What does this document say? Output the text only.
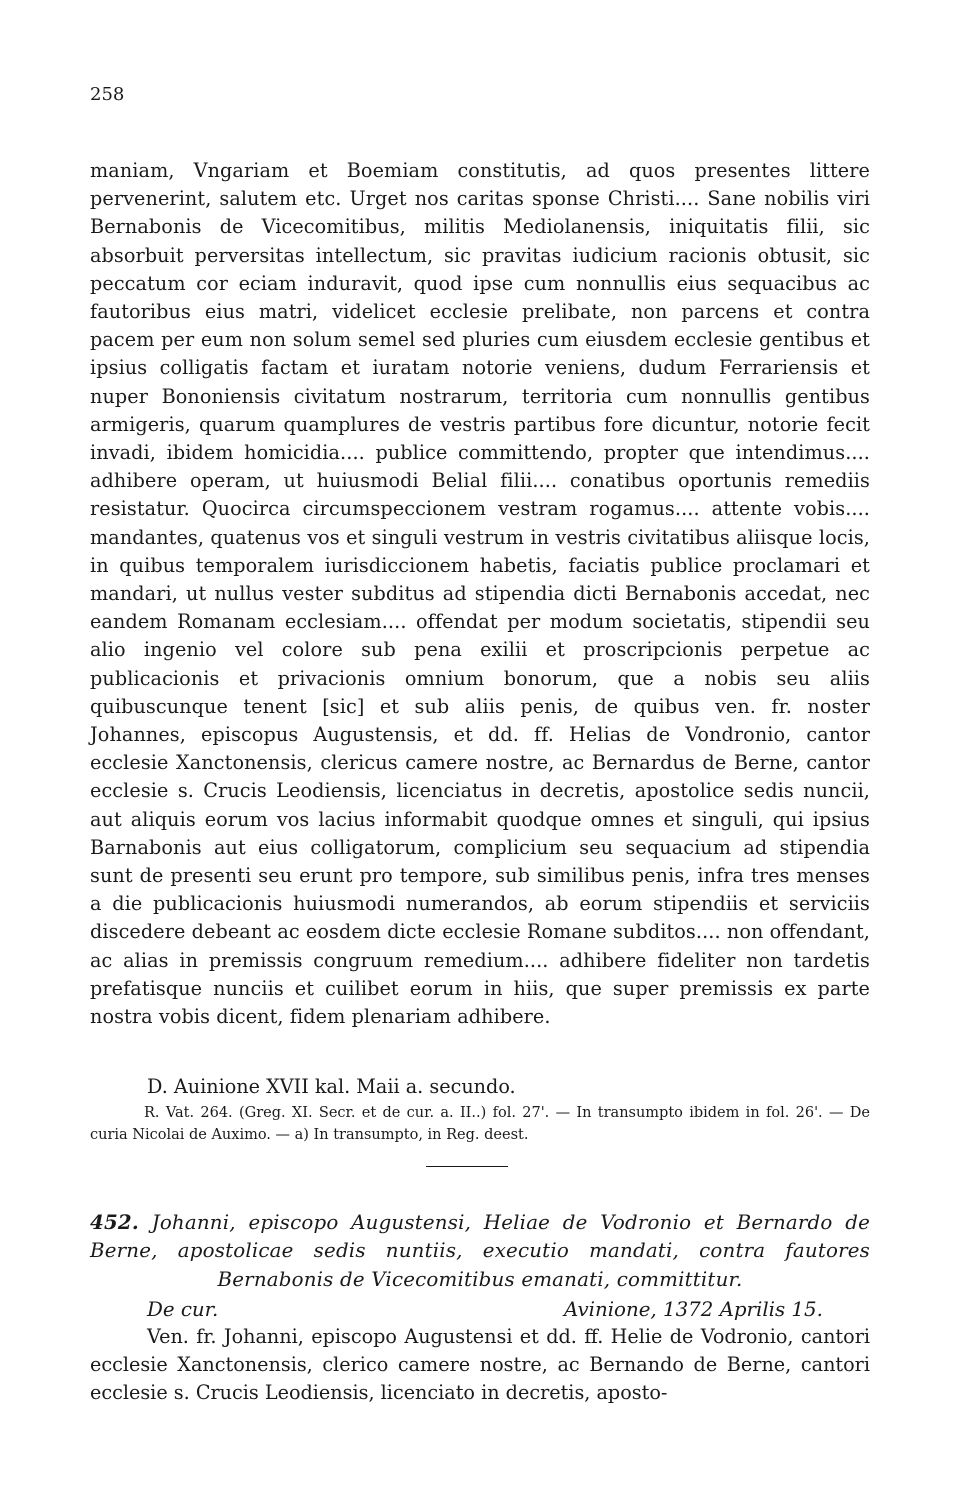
258

maniam, Vngariam et Boemiam constitutis, ad quos presentes littere pervenerint, salutem etc. Urget nos caritas sponse Christi.... Sane nobilis viri Bernabonis de Vicecomitibus, militis Mediolanensis, iniquitatis filii, sic absorbuit perversitas intellectum, sic pravitas iudicium racionis obtusit, sic peccatum cor eciam induravit, quod ipse cum nonnullis eius sequacibus ac fautoribus eius matri, videlicet ecclesie prelibate, non parcens et contra pacem per eum non solum semel sed pluries cum eiusdem ecclesie gentibus et ipsius colligatis factam et iuratam notorie veniens, dudum Ferrariensis et nuper Bononiensis civitatum nostrarum, territoria cum nonnullis gentibus armigeris, quarum quamplures de vestris partibus fore dicuntur, notorie fecit invadi, ibidem homicidia.... publice committendo, propter que intendimus.... adhibere operam, ut huiusmodi Belial filii.... conatibus oportunis remediis resistatur. Quocirca circumspeccionem vestram rogamus.... attente vobis.... mandantes, quatenus vos et singuli vestrum in vestris civitatibus aliisque locis, in quibus temporalem iurisdiccionem habetis, faciatis publice proclamari et mandari, ut nullus vester subditus ad stipendia dicti Bernabonis accedat, nec eandem Romanam ecclesiam.... offendat per modum societatis, stipendii seu alio ingenio vel colore sub pena exilii et proscripcionis perpetue ac publicacionis et privacionis omnium bonorum, que a nobis seu aliis quibuscunque tenent [sic] et sub aliis penis, de quibus ven. fr. noster Johannes, episcopus Augustensis, et dd. ff. Helias de Vondronio, cantor ecclesie Xanctonensis, clericus camere nostre, ac Bernardus de Berne, cantor ecclesie s. Crucis Leodiensis, licenciatus in decretis, apostolice sedis nuncii, aut aliquis eorum vos lacius informabit quodque omnes et singuli, qui ipsius Barnabonis aut eius colligatorum, complicium seu sequacium ad stipendia sunt de presenti seu erunt pro tempore, sub similibus penis, infra tres menses a die publicacionis huiusmodi numerandos, ab eorum stipendiis et serviciis discedere debeant ac eosdem dicte ecclesie Romane subditos.... non offendant, ac alias in premissis congruum remedium.... adhibere fideliter non tardetis prefatisque nunciis et cuilibet eorum in hiis, que super premissis ex parte nostra vobis dicent, fidem plenariam adhibere.

D. Auinione XVII kal. Maii a. secundo.

R. Vat. 264. (Greg. XI. Secr. et de cur. a. II..) fol. 27'. — In transumpto ibidem in fol. 26'. — De curia Nicolai de Auximo. — a) In transumpto, in Reg. deest.

452. Johanni, episcopo Augustensi, Heliae de Vodronio et Bernardo de Berne, apostolicae sedis nuntiis, executio mandati, contra fautores Bernabonis de Vicecomitibus emanati, committitur.

De cur.	Avinione, 1372 Aprilis 15.

Ven. fr. Johanni, episcopo Augustensi et dd. ff. Helie de Vodronio, cantori ecclesie Xanctonensis, clerico camere nostre, ac Bernando de Berne, cantori ecclesie s. Crucis Leodiensis, licenciato in decretis, aposto-
